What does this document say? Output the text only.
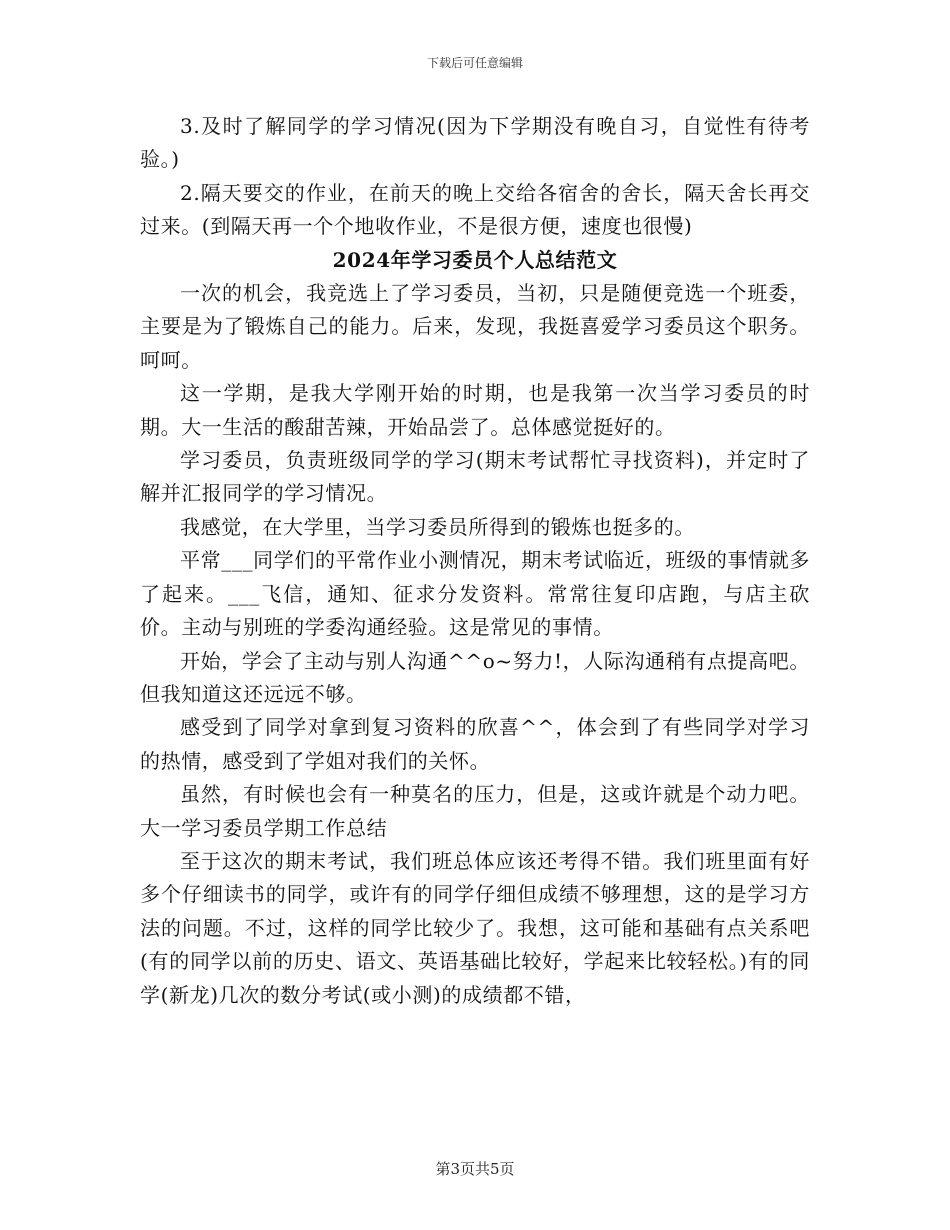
下载后可任意编辑

3.及时了解同学的学习情况(因为下学期没有晚自习，自觉性有待考验。)

2.隔天要交的作业，在前天的晚上交给各宿舍的舍长，隔天舍长再交过来。(到隔天再一个个地收作业，不是很方便，速度也很慢)

2024年学习委员个人总结范文

一次的机会，我竞选上了学习委员，当初，只是随便竞选一个班委，主要是为了锻炼自己的能力。后来，发现，我挺喜爱学习委员这个职务。呵呵。

这一学期，是我大学刚开始的时期，也是我第一次当学习委员的时期。大一生活的酸甜苦辣，开始品尝了。总体感觉挺好的。

学习委员，负责班级同学的学习(期末考试帮忙寻找资料)，并定时了解并汇报同学的学习情况。

我感觉，在大学里，当学习委员所得到的锻炼也挺多的。

平常___同学们的平常作业小测情况，期末考试临近，班级的事情就多了起来。___飞信，通知、征求分发资料。常常往复印店跑，与店主砍价。主动与别班的学委沟通经验。这是常见的事情。

开始，学会了主动与别人沟通^^o~努力!，人际沟通稍有点提高吧。但我知道这还远远不够。

感受到了同学对拿到复习资料的欣喜^^，体会到了有些同学对学习的热情，感受到了学姐对我们的关怀。

虽然，有时候也会有一种莫名的压力，但是，这或许就是个动力吧。大一学习委员学期工作总结

至于这次的期末考试，我们班总体应该还考得不错。我们班里面有好多个仔细读书的同学，或许有的同学仔细但成绩不够理想，这的是学习方法的问题。不过，这样的同学比较少了。我想，这可能和基础有点关系吧(有的同学以前的历史、语文、英语基础比较好，学起来比较轻松。)有的同学(新龙)几次的数分考试(或小测)的成绩都不错，

第3页共5页
